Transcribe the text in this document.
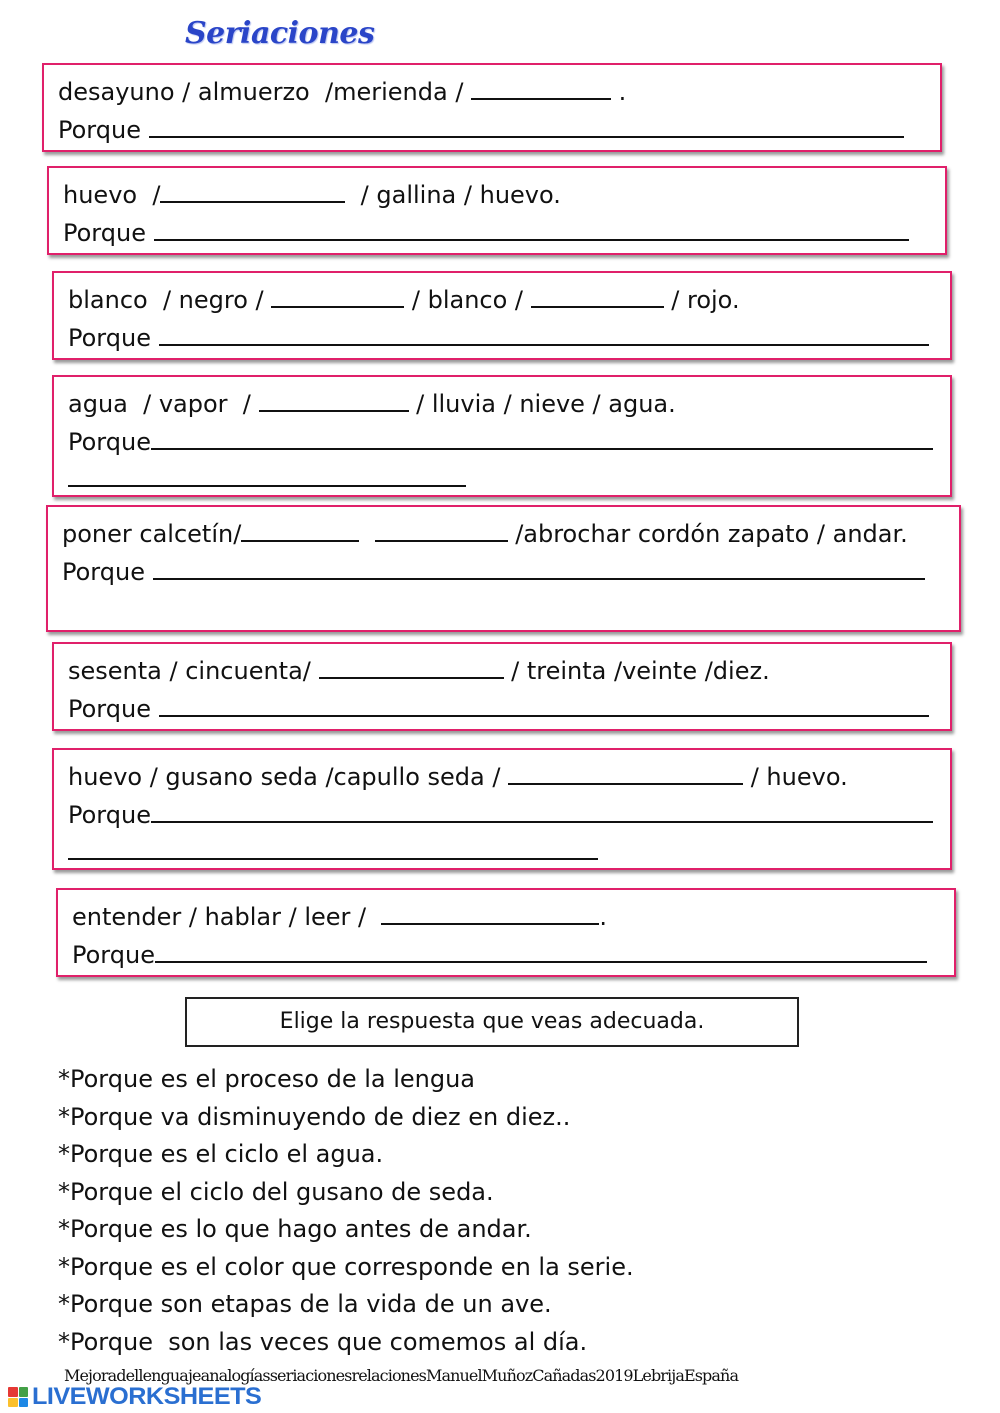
Seriaciones
desayuno / almuerzo  /merienda /	.
Porque
huevo  /	/ gallina / huevo.
Porque
blanco  / negro /	/ blanco /	/ rojo.
Porque
agua  / vapor  /	/ lluvia / nieve / agua.
Porque
poner calcetín/	/abrochar cordón zapato / andar.
Porque
sesenta / cincuenta/	/ treinta /veinte /diez.
Porque
huevo / gusano seda /capullo seda /	/ huevo.
Porque
entender / hablar / leer /	.
Porque
Elige la respuesta que veas adecuada.
*Porque es el proceso de la lengua
*Porque va disminuyendo de diez en diez..
*Porque es el ciclo el agua.
*Porque el ciclo del gusano de seda.
*Porque es lo que hago antes de andar.
*Porque es el color que corresponde en la serie.
*Porque son etapas de la vida de un ave.
*Porque  son las veces que comemos al día.
MejoradellenguajeanalogíasseriacionesrelacionesManuelMuñozCañadas2019LebrijaEspaña
LIVEWORKSHEETS
